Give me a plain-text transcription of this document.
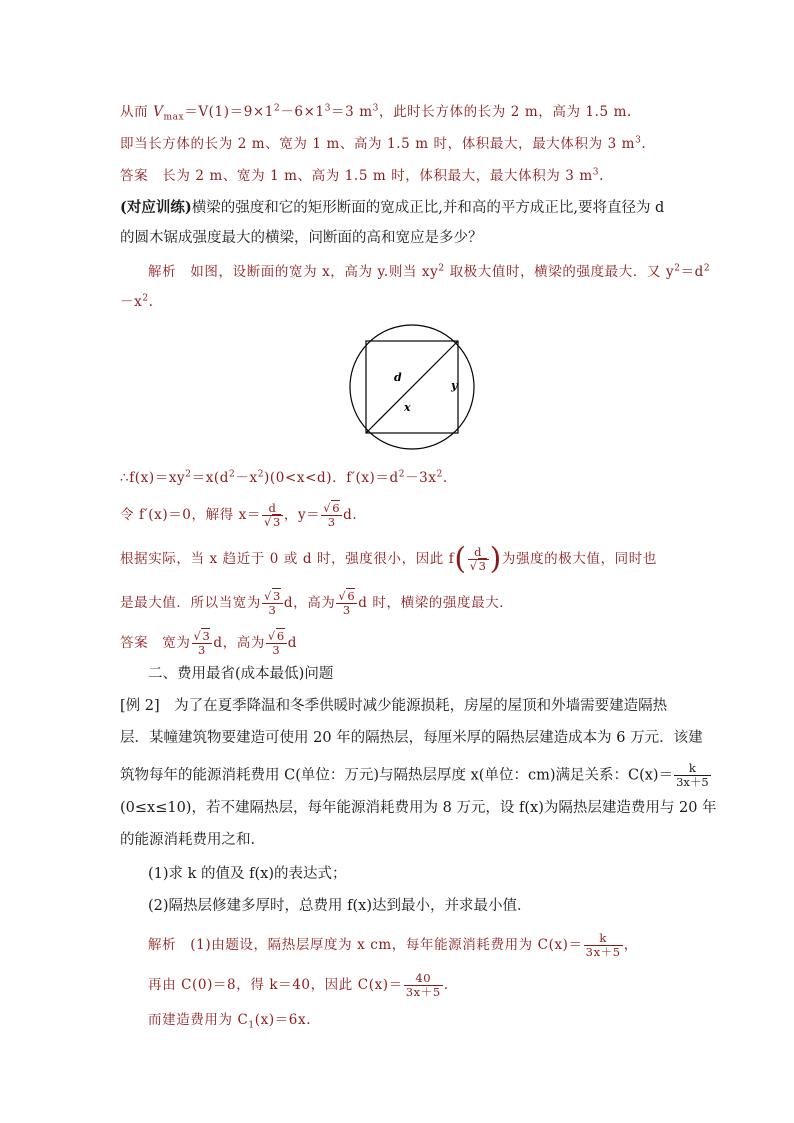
从而 $V_{max}=V(1)=9\times 1^2-6\times 1^3=3$ $m^3$，此时长方体的长为 2 m，高为 1.5 m.
即当长方体的长为 2 m、宽为 1 m、高为 1.5 m 时，体积最大，最大体积为 3 $m^3$.
答案　长为 2 m、宽为 1 m、高为 1.5 m 时，体积最大，最大体积为 3 $m^3$.
(对应训练)横梁的强度和它的矩形断面的宽成正比,并和高的平方成正比,要将直径为 d
的圆木锯成强度最大的横梁，问断面的高和宽应是多少？
解析　如图，设断面的宽为 x，高为 y.则当 $xy^2$ 取极大值时，横梁的强度最大．又 $y^2=d^2$
$-x^2$.
d
x
y
$\therefore f(x)=xy^2=x(d^2-x^2)(0<x<d)$．$f'(x)=d^2-3x^2$.
令 f′(x)＝0，解得 $x= \frac{d}{√3}$ ，$y= \frac{√6}{3} d$.
根据实际，当 x 趋近于 0 或 d 时，强度很小，因此 $f( \frac{d}{√3}$ )为强度的极大值，同时也
是最大值．所以当宽为 $\frac{√3}{3}$ d，高为 $\frac{√6}{3}$ d 时，横梁的强度最大．
答案　宽为 $\frac{√3}{3}$ d，高为 $\frac{√6}{3}$ d
二、费用最省(成本最低)问题
[例 2]　为了在夏季降温和冬季供暖时减少能源损耗，房屋的屋顶和外墙需要建造隔热
层．某幢建筑物要建造可使用 20 年的隔热层，每厘米厚的隔热层建造成本为 6 万元．该建
筑物每年的能源消耗费用 C(单位：万元)与隔热层厚度 x(单位：cm)满足关系：$C(x)= \frac{k}{3x+5}$
(0≤x≤10)，若不建隔热层，每年能源消耗费用为 8 万元，设 f(x)为隔热层建造费用与 20 年
的能源消耗费用之和．
(1)求 k 的值及 f(x)的表达式；
(2)隔热层修建多厚时，总费用 f(x)达到最小，并求最小值．
解析　(1)由题设，隔热层厚度为 x cm，每年能源消耗费用为 $C(x)= \frac{k}{3x+5}$ ，
再由 C(0)＝8，得 k＝40，因此 $C(x)= \frac{40}{3x+5}$ .
而建造费用为 $C_1(x)=6x$.
